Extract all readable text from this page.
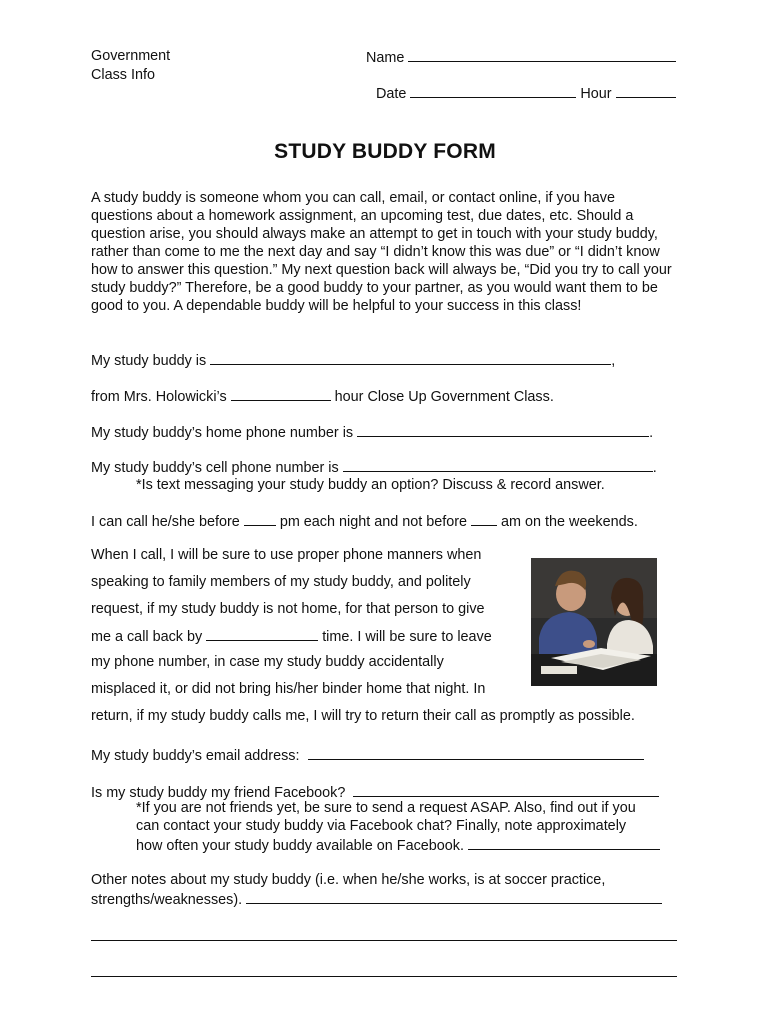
Government
Class Info
Name
Date	Hour
STUDY BUDDY FORM
A study buddy is someone whom you can call, email, or contact online, if you have questions about a homework assignment, an upcoming test, due dates, etc. Should a question arise, you should always make an attempt to get in touch with your study buddy, rather than come to me the next day and say “I didn’t know this was due” or “I didn’t know how to answer this question.” My next question back will always be, “Did you try to call your study buddy?” Therefore, be a good buddy to your partner, as you would want them to be good to you. A dependable buddy will be helpful to your success in this class!
My study buddy is	,
from Mrs. Holowicki’s	hour Close Up Government Class.
My study buddy’s home phone number is	.
My study buddy’s cell phone number is	.
*Is text messaging your study buddy an option? Discuss & record answer.
I can call he/she before	pm each night and not before am on the weekends.
When I call, I will be sure to use proper phone manners when
speaking to family members of my study buddy, and politely
request, if my study buddy is not home, for that person to give
me a call back by	time. I will be sure to leave
my phone number, in case my study buddy accidentally
misplaced it, or did not bring his/her binder home that night. In
return, if my study buddy calls me, I will try to return their call as promptly as possible.
My study buddy’s email address:
Is my study buddy my friend Facebook?
*If you are not friends yet, be sure to send a request ASAP. Also, find out if you
can contact your study buddy via Facebook chat? Finally, note approximately
how often your study buddy available on Facebook.
Other notes about my study buddy (i.e. when he/she works, is at soccer practice,
strengths/weaknesses).
